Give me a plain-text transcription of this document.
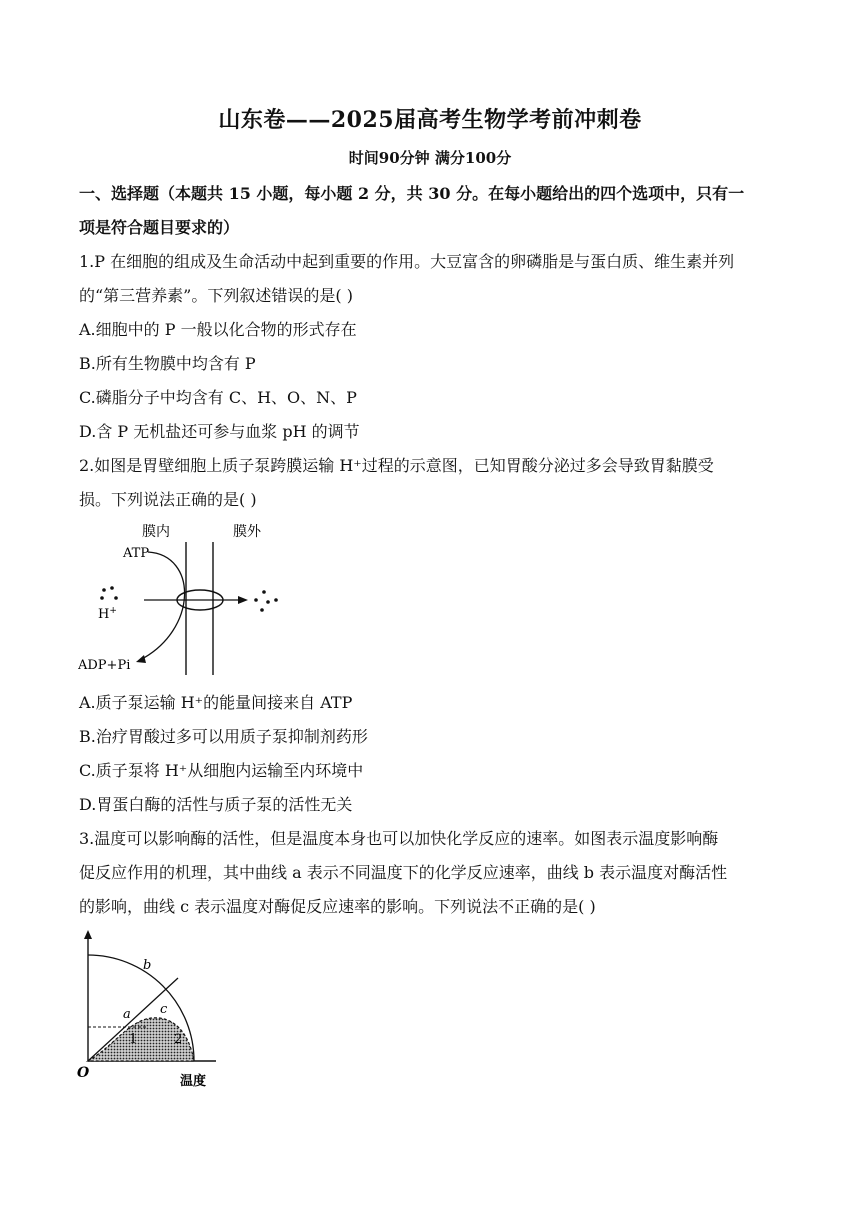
山东卷——2025届高考生物学考前冲刺卷
时间90分钟 满分100分
一、选择题（本题共 15 小题，每小题 2 分，共 30 分。在每小题给出的四个选项中，只有一
项是符合题目要求的）
1.P 在细胞的组成及生命活动中起到重要的作用。大豆富含的卵磷脂是与蛋白质、维生素并列
的“第三营养素”。下列叙述错误的是( )
A.细胞中的 P 一般以化合物的形式存在
B.所有生物膜中均含有 P
C.磷脂分子中均含有 C、H、O、N、P
D.含 P 无机盐还可参与血浆 pH 的调节
2.如图是胃壁细胞上质子泵跨膜运输 H⁺过程的示意图，已知胃酸分泌过多会导致胃黏膜受
损。下列说法正确的是( )
膜内	膜外
ATP
ADP+Pi
H+
A.质子泵运输 H⁺的能量间接来自 ATP
B.治疗胃酸过多可以用质子泵抑制剂药形
C.质子泵将 H⁺从细胞内运输至内环境中
D.胃蛋白酶的活性与质子泵的活性无关
3.温度可以影响酶的活性，但是温度本身也可以加快化学反应的速率。如图表示温度影响酶
促反应作用的机理，其中曲线 a 表示不同温度下的化学反应速率，曲线 b 表示温度对酶活性
的影响，曲线 c 表示温度对酶促反应速率的影响。下列说法不正确的是( )
b
a c
1	2
O
温度
